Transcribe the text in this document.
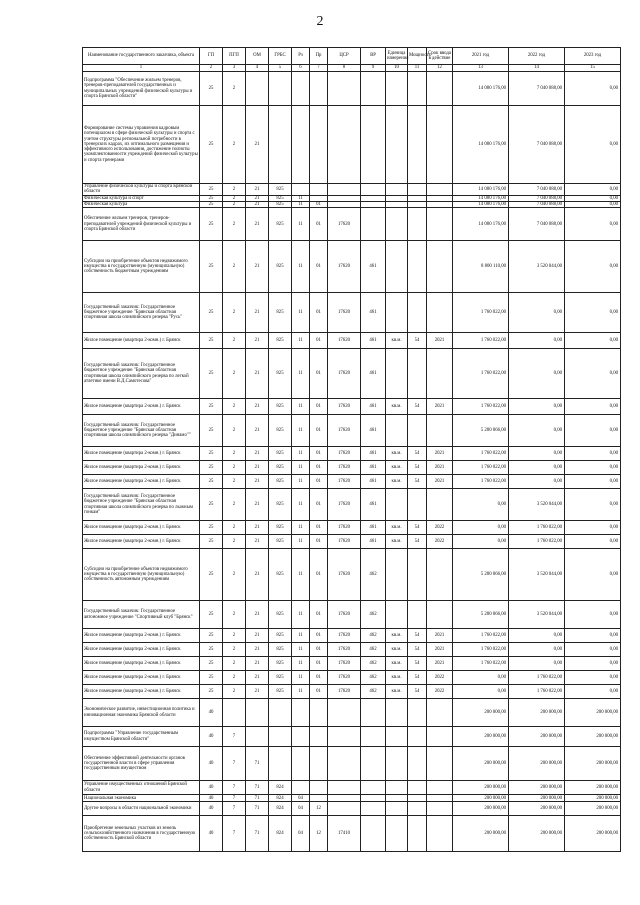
2
Наименование государственного заказчика, объекта	ГП	ПГП	ОМ	ГРБС	Рз	Пр	ЦСР	ВР	Единица измерения	Мощность	Срок ввода в действие	2021 год	2022 год	2023 год
1	2	3	4	5	6	7	8	9	10	11	12	13	14	15
Подпрограмма "Обеспечение жильем тренеров, тренеров-преподавателей государственных и муниципальных учреждений физической культуры и спорта Брянской области"	25	2										14 080 176,00	7 040 088,00	0,00
Формирование системы управления кадровым потенциалом в сфере физической культуры и спорта с учетом структуры региональной потребности в тренерских кадрах, их оптимального размещения и эффективного использования, достижение полноты укомплектованности учреждений физической культуры и спорта тренерами	25	2	21									14 080 176,00	7 040 088,00	0,00
Управление физической культуры и спорта Брянской области	25	2	21	825								14 080 176,00	7 040 088,00	0,00
Физическая культура и спорт	25	2	21	825	11							14 080 176,00	7 040 088,00	0,00
Физическая культура	25	2	21	825	11	01						14 080 176,00	7 040 088,00	0,00
Обеспечение жильем тренеров, тренеров-преподавателей учреждений физической культуры и спорта Брянской области	25	2	21	825	11	01	17620					14 080 176,00	7 040 088,00	0,00
Субсидии на приобретение объектов недвижимого имущества в государственную (муниципальную) собственность бюджетным учреждениям	25	2	21	825	11	01	17620	461				8 800 110,00	3 520 044,00	0,00
Государственный заказчик: Государственное бюджетное учреждение "Брянская областная спортивная школа олимпийского резерва "Русь"	25	2	21	825	11	01	17620	461				1 760 022,00	0,00	0,00
Жилое помещение (квартира 2-комн.) г. Брянск	25	2	21	825	11	01	17620	461	кв.м.	54	2021	1 760 022,00	0,00	0,00
Государственный заказчик: Государственное бюджетное учреждение "Брянская областная спортивная школа олимпийского резерва по легкой атлетике имени В.Д.Самотесова"	25	2	21	825	11	01	17620	461				1 760 022,00	0,00	0,00
Жилое помещение (квартира 2-комн.) г. Брянск	25	2	21	825	11	01	17620	461	кв.м.	54	2021	1 760 022,00	0,00	0,00
Государственный заказчик: Государственное бюджетное учреждение "Брянская областная спортивная школа олимпийского резерва "Динамо""	25	2	21	825	11	01	17620	461				5 280 066,00	0,00	0,00
Жилое помещение (квартира 2-комн.) г. Брянск	25	2	21	825	11	01	17620	461	кв.м.	54	2021	1 760 022,00	0,00	0,00
Жилое помещение (квартира 2-комн.) г. Брянск	25	2	21	825	11	01	17620	461	кв.м.	54	2021	1 760 022,00	0,00	0,00
Жилое помещение (квартира 2-комн.) г. Брянск	25	2	21	825	11	01	17620	461	кв.м.	54	2021	1 760 022,00	0,00	0,00
Государственный заказчик: Государственное бюджетное учреждение "Брянская областная спортивная школа олимпийского резерва по лыжным гонкам"	25	2	21	825	11	01	17620	461				0,00	3 520 044,00	0,00
Жилое помещение (квартира 2-комн.) г. Брянск	25	2	21	825	11	01	17620	461	кв.м.	54	2022	0,00	1 760 022,00	0,00
Жилое помещение (квартира 2-комн.) г. Брянск	25	2	21	825	11	01	17620	461	кв.м.	54	2022	0,00	1 760 022,00	0,00
Субсидии на приобретение объектов недвижимого имущества в государственную (муниципальную) собственность автономным учреждениям	25	2	21	825	11	01	17620	462				5 280 066,00	3 520 044,00	0,00
Государственный заказчик: Государственное автономное учреждение "Спортивный клуб "Брянск"	25	2	21	825	11	01	17620	462				5 280 066,00	3 520 044,00	0,00
Жилое помещение (квартира 2-комн.) г. Брянск	25	2	21	825	11	01	17620	462	кв.м.	54	2021	1 760 022,00	0,00	0,00
Жилое помещение (квартира 2-комн.) г. Брянск	25	2	21	825	11	01	17620	462	кв.м.	54	2021	1 760 022,00	0,00	0,00
Жилое помещение (квартира 2-комн.) г. Брянск	25	2	21	825	11	01	17620	462	кв.м.	54	2021	1 760 022,00	0,00	0,00
Жилое помещение (квартира 2-комн.) г. Брянск	25	2	21	825	11	01	17620	462	кв.м.	54	2022	0,00	1 760 022,00	0,00
Жилое помещение (квартира 2-комн.) г. Брянск	25	2	21	825	11	01	17620	462	кв.м.	54	2022	0,00	1 760 022,00	0,00
Экономическое развитие, инвестиционная политика и инновационная экономика Брянской области	40											200 000,00	200 000,00	200 000,00
Подпрограмма "Управление государственным имуществом Брянской области"	40	7										200 000,00	200 000,00	200 000,00
Обеспечение эффективной деятельности органов государственной власти в сфере управления государственным имуществом	40	7	71									200 000,00	200 000,00	200 000,00
Управление имущественных отношений Брянской области	40	7	71	824								200 000,00	200 000,00	200 000,00
Национальная экономика	40	7	71	824	04							200 000,00	200 000,00	200 000,00
Другие вопросы в области национальной экономики	40	7	71	824	04	12						200 000,00	200 000,00	200 000,00
Приобретение земельных участков из земель сельскохозяйственного назначения в государственную собственность Брянской области	40	7	71	824	04	12	17410					200 000,00	200 000,00	200 000,00
